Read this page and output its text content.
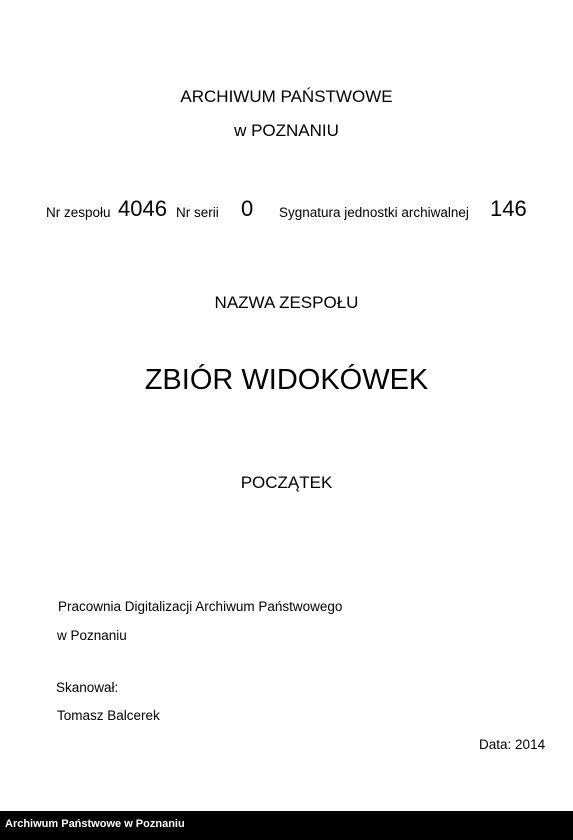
ARCHIWUM PAŃSTWOWE
w POZNANIU
Nr zespołu 4046 Nr serii 0 Sygnatura jednostki archiwalnej 146
NAZWA ZESPOŁU
ZBIÓR WIDOKÓWEK
POCZĄTEK
Pracownia Digitalizacji Archiwum Państwowego
w Poznaniu
Skanował:
Tomasz Balcerek
Data: 2014
Archiwum Państwowe w Poznaniu
